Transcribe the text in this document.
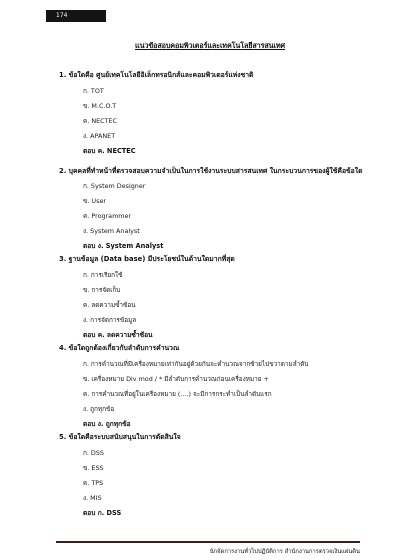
174
แนวข้อสอบคอมพิวเตอร์และเทคโนโลยีสารสนเทศ
1. ข้อใดคือ ศูนย์เทคโนโลยีอิเล็กทรอนิกส์และคอมพิวเตอร์แห่งชาติ
ก. TOT
ข. M.C.O.T
ค. NECTEC
ง. APANET
ตอบ ค. NECTEC
2. บุคคลที่ทำหน้าที่ตรวจสอบความจำเป็นในการใช้งานระบบสารสนเทศ ในกระบวนการของผู้ใช้คือข้อใด
ก. System Designer
ข. User
ค. Programmer
ง. System Analyst
ตอบ ง. System Analyst
3. ฐานข้อมูล (Data base) มีประโยชน์ในด้านใดมากที่สุด
ก. การเรียกใช้
ข. การจัดเก็บ
ค. ลดความซ้ำซ้อน
ง. การจัดการข้อมูล
ตอบ ค. ลดความซ้ำซ้อน
4. ข้อใดถูกต้องเกี่ยวกับลำดับการคำนวณ
ก. การคำนวณที่มีเครื่องหมายเท่ากันอยู่ด้วยกันจะคำนวณจากซ้ายไปขวาตามลำดับ
ข. เครื่องหมาย Div mod / * มีลำดับการคำนวณก่อนเครื่องหมาย +
ค. การคำนวณที่อยู่ในเครื่องหมาย (....) จะมีการกระทำเป็นลำดับแรก
ง. ถูกทุกข้อ
ตอบ ง. ถูกทุกข้อ
5. ข้อใดคือระบบสนับสนุนในการตัดสินใจ
ก. DSS
ข. ESS
ค. TPS
ง. MIS
ตอบ ก. DSS
นักจัดการงานทั่วไปปฏิบัติการ สำนักงานการตรวจเงินแผ่นดิน
